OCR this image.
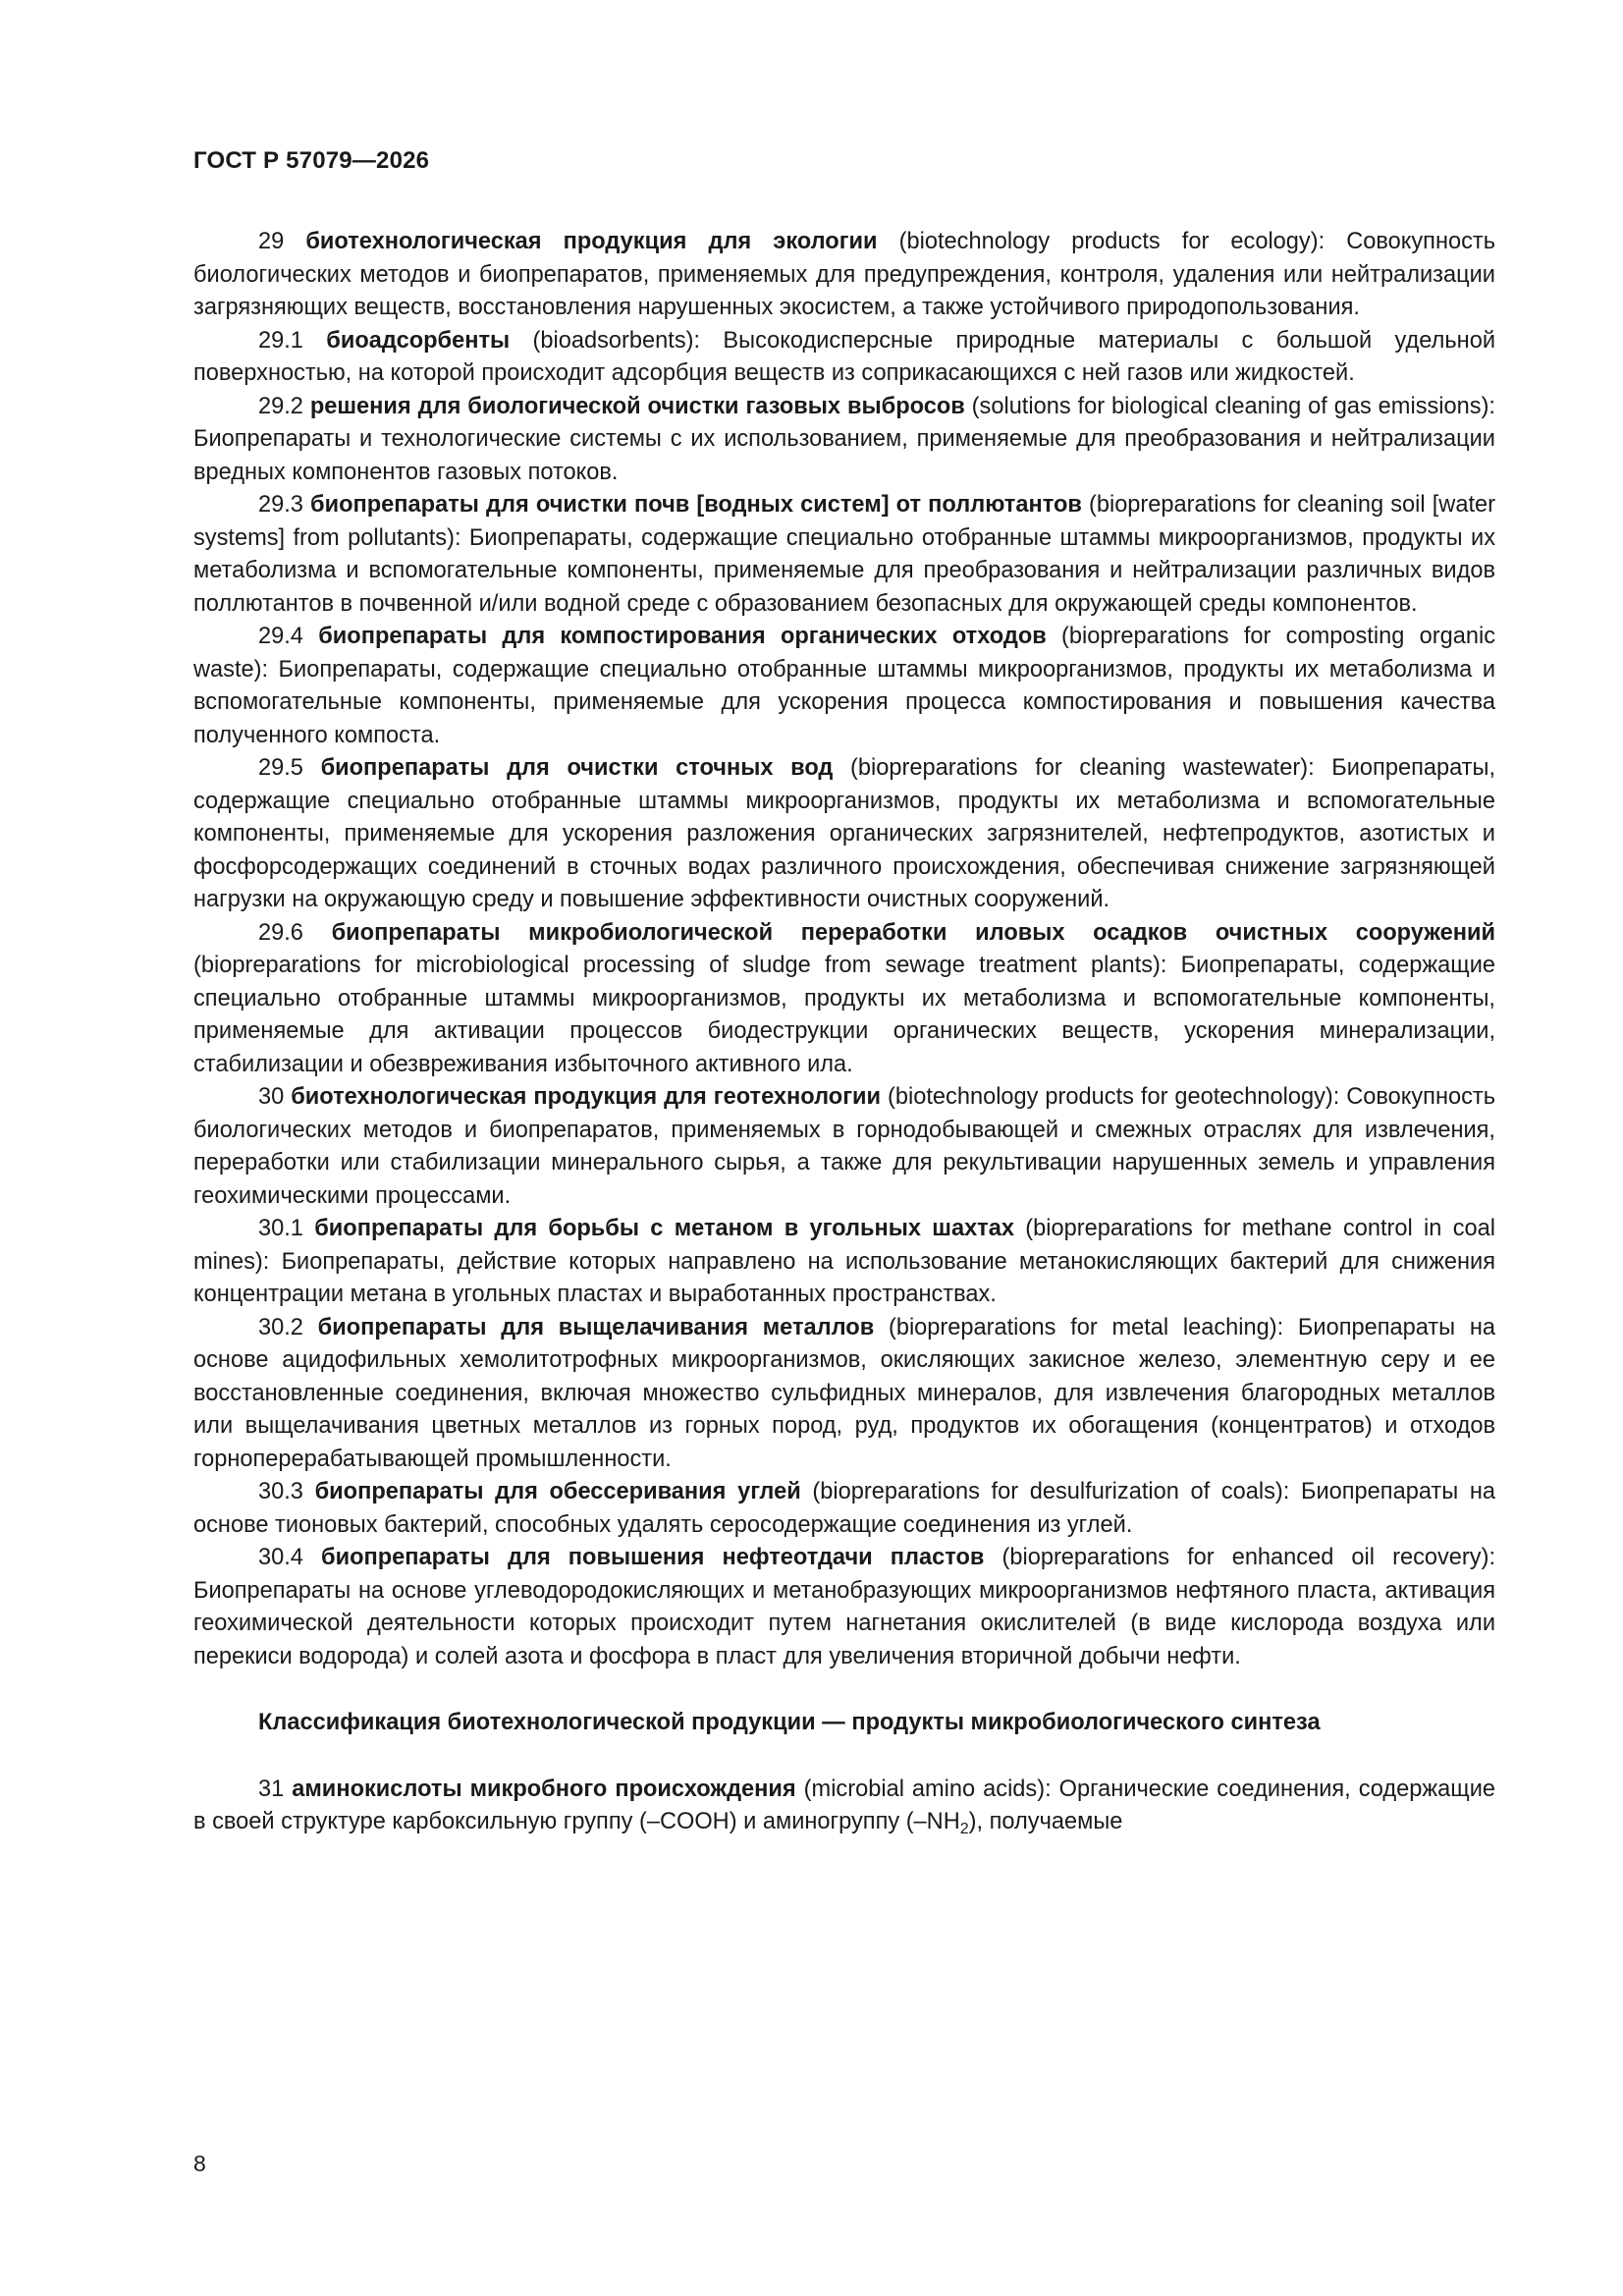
ГОСТ Р 57079—2026

29 биотехнологическая продукция для экологии (biotechnology products for ecology): Совокупность биологических методов и биопрепаратов, применяемых для предупреждения, контроля, удаления или нейтрализации загрязняющих веществ, восстановления нарушенных экосистем, а также устойчивого природопользования.

29.1 биоадсорбенты (bioadsorbents): Высокодисперсные природные материалы с большой удельной поверхностью, на которой происходит адсорбция веществ из соприкасающихся с ней газов или жидкостей.

29.2 решения для биологической очистки газовых выбросов (solutions for biological cleaning of gas emissions): Биопрепараты и технологические системы с их использованием, применяемые для преобразования и нейтрализации вредных компонентов газовых потоков.

29.3 биопрепараты для очистки почв [водных систем] от поллютантов (biopreparations for cleaning soil [water systems] from pollutants): Биопрепараты, содержащие специально отобранные штаммы микроорганизмов, продукты их метаболизма и вспомогательные компоненты, применяемые для преобразования и нейтрализации различных видов поллютантов в почвенной и/или водной среде с образованием безопасных для окружающей среды компонентов.

29.4 биопрепараты для компостирования органических отходов (biopreparations for composting organic waste): Биопрепараты, содержащие специально отобранные штаммы микроорганизмов, продукты их метаболизма и вспомогательные компоненты, применяемые для ускорения процесса компостирования и повышения качества полученного компоста.

29.5 биопрепараты для очистки сточных вод (biopreparations for cleaning wastewater): Биопрепараты, содержащие специально отобранные штаммы микроорганизмов, продукты их метаболизма и вспомогательные компоненты, применяемые для ускорения разложения органических загрязнителей, нефтепродуктов, азотистых и фосфорсодержащих соединений в сточных водах различного происхождения, обеспечивая снижение загрязняющей нагрузки на окружающую среду и повышение эффективности очистных сооружений.

29.6 биопрепараты микробиологической переработки иловых осадков очистных сооружений (biopreparations for microbiological processing of sludge from sewage treatment plants): Биопрепараты, содержащие специально отобранные штаммы микроорганизмов, продукты их метаболизма и вспомогательные компоненты, применяемые для активации процессов биодеструкции органических веществ, ускорения минерализации, стабилизации и обезвреживания избыточного активного ила.

30 биотехнологическая продукция для геотехнологии (biotechnology products for geotechnology): Совокупность биологических методов и биопрепаратов, применяемых в горнодобывающей и смежных отраслях для извлечения, переработки или стабилизации минерального сырья, а также для рекультивации нарушенных земель и управления геохимическими процессами.

30.1 биопрепараты для борьбы с метаном в угольных шахтах (biopreparations for methane control in coal mines): Биопрепараты, действие которых направлено на использование метанокисляющих бактерий для снижения концентрации метана в угольных пластах и выработанных пространствах.

30.2 биопрепараты для выщелачивания металлов (biopreparations for metal leaching): Биопрепараты на основе ацидофильных хемолитотрофных микроорганизмов, окисляющих закисное железо, элементную серу и ее восстановленные соединения, включая множество сульфидных минералов, для извлечения благородных металлов или выщелачивания цветных металлов из горных пород, руд, продуктов их обогащения (концентратов) и отходов горноперерабатывающей промышленности.

30.3 биопрепараты для обессеривания углей (biopreparations for desulfurization of coals): Биопрепараты на основе тионовых бактерий, способных удалять серосодержащие соединения из углей.

30.4 биопрепараты для повышения нефтеотдачи пластов (biopreparations for enhanced oil recovery): Биопрепараты на основе углеводородокисляющих и метанобразующих микроорганизмов нефтяного пласта, активация геохимической деятельности которых происходит путем нагнетания окислителей (в виде кислорода воздуха или перекиси водорода) и солей азота и фосфора в пласт для увеличения вторичной добычи нефти.

Классификация биотехнологической продукции — продукты микробиологического синтеза

31 аминокислоты микробного происхождения (microbial amino acids): Органические соединения, содержащие в своей структуре карбоксильную группу (–COOH) и аминогруппу $(-NH_2)$, получаемые

8
